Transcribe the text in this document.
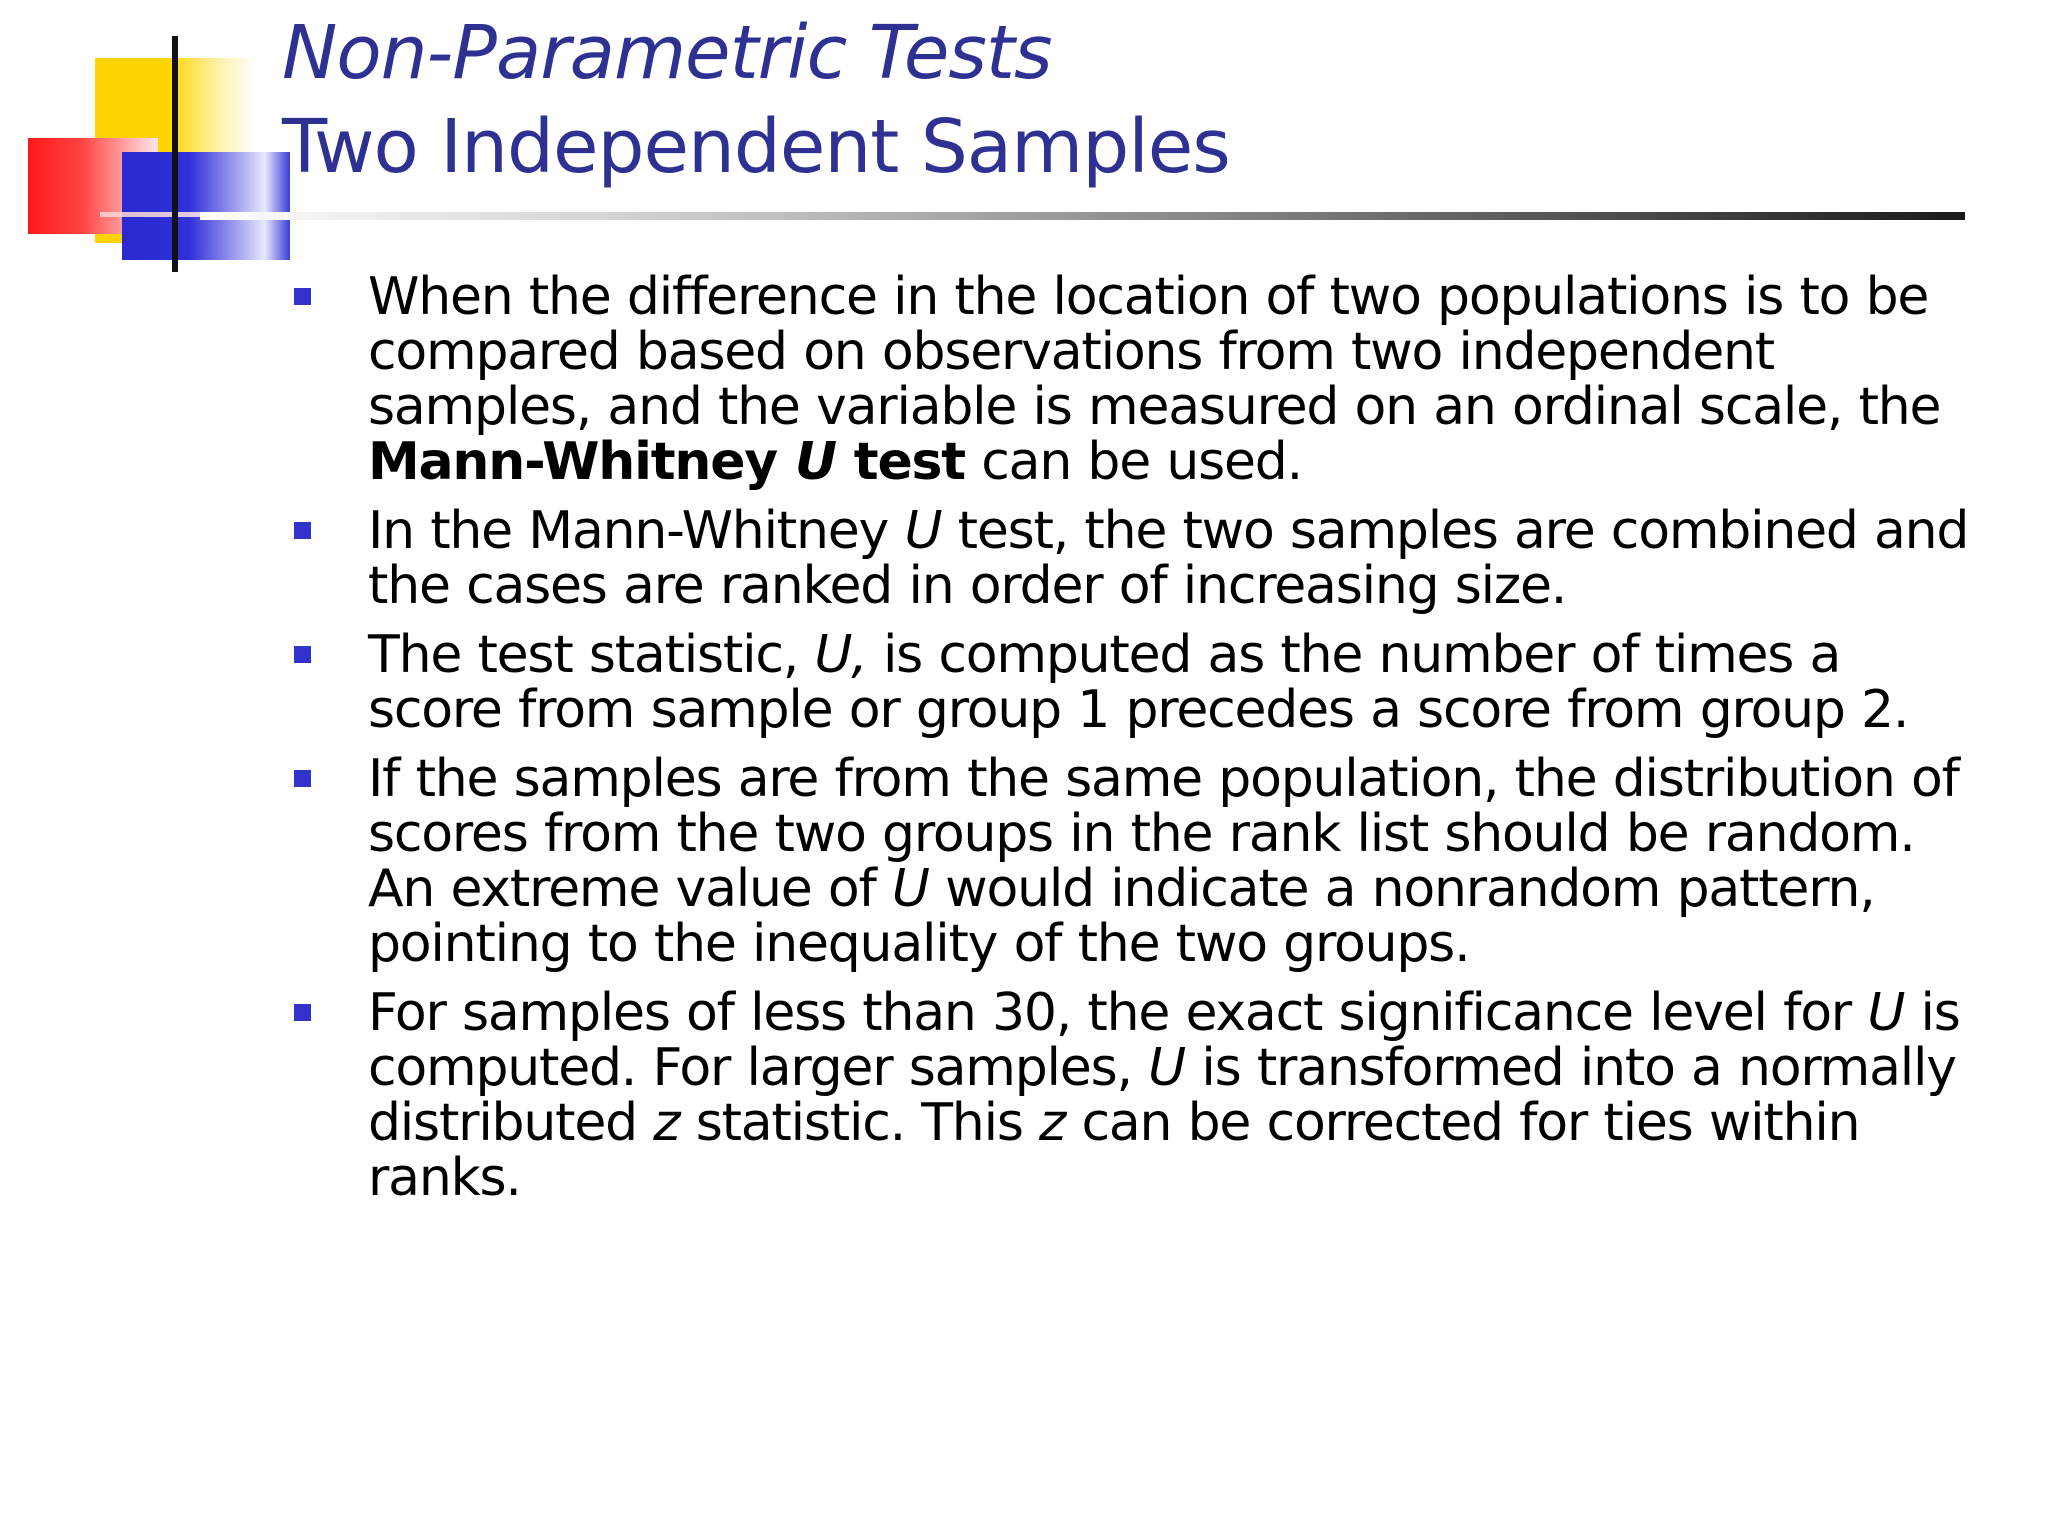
Non-Parametric Tests
Two Independent Samples
When the difference in the location of two populations is to be
compared based on observations from two independent
samples, and the variable is measured on an ordinal scale, the
Mann-Whitney U test can be used.
In the Mann-Whitney U test, the two samples are combined and
the cases are ranked in order of increasing size.
The test statistic, U, is computed as the number of times a
score from sample or group 1 precedes a score from group 2.
If the samples are from the same population, the distribution of
scores from the two groups in the rank list should be random.
An extreme value of U would indicate a nonrandom pattern,
pointing to the inequality of the two groups.
For samples of less than 30, the exact significance level for U is
computed. For larger samples, U is transformed into a normally
distributed z statistic. This z can be corrected for ties within
ranks.
